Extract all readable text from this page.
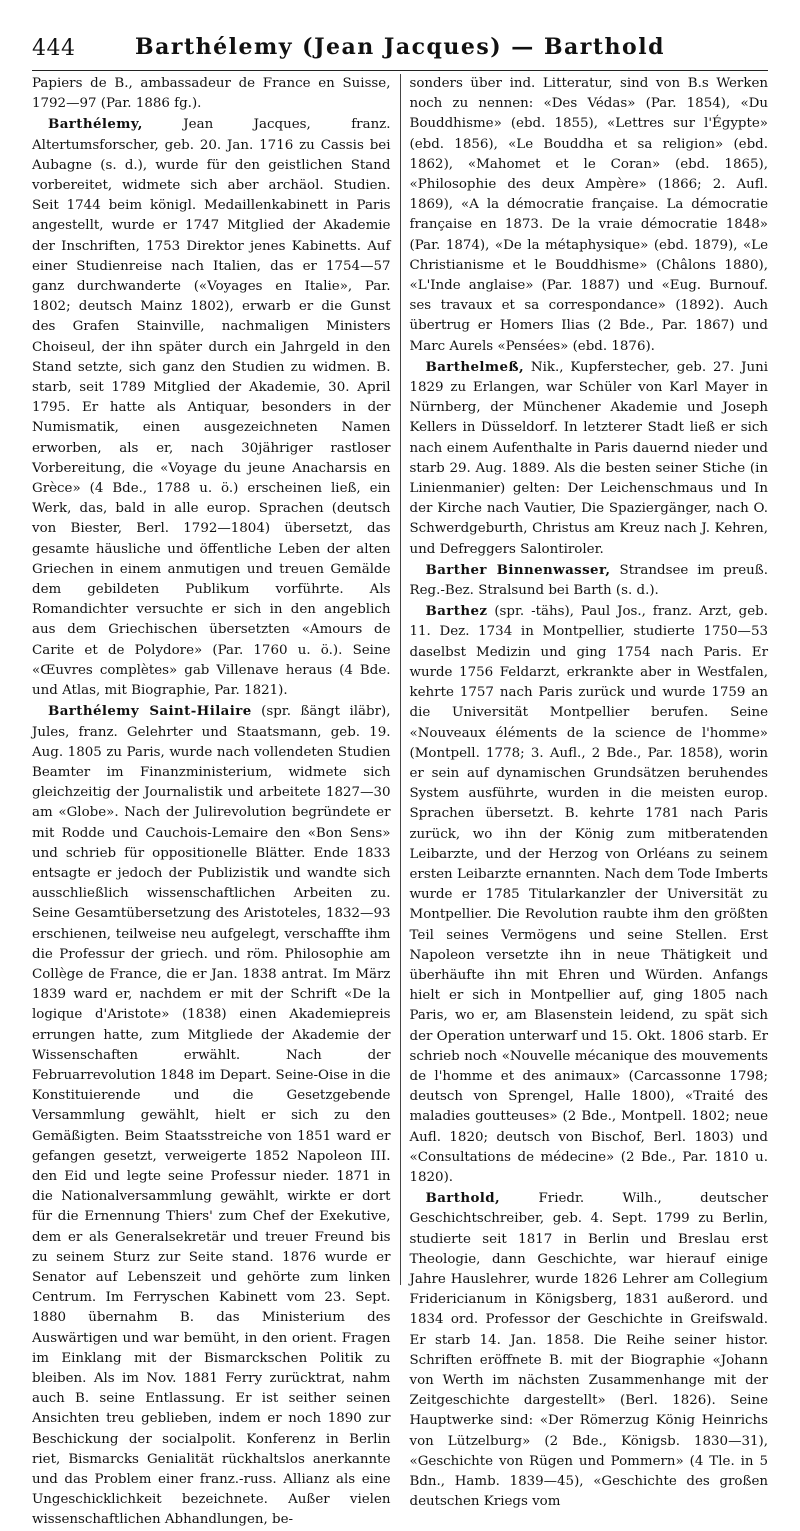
444	Barthélemy (Jean Jacques) — Barthold

Papiers de B., ambassadeur de France en Suisse, 1792—97 (Par. 1886 fg.).

Barthélemy, Jean Jacques, franz. Altertumsforscher, geb. 20. Jan. 1716 zu Cassis bei Aubagne (s. d.), wurde für den geistlichen Stand vorbereitet, widmete sich aber archäol. Studien. Seit 1744 beim königl. Medaillenkabinett in Paris angestellt, wurde er 1747 Mitglied der Akademie der Inschriften, 1753 Direktor jenes Kabinetts. Auf einer Studienreise nach Italien, das er 1754—57 ganz durchwanderte («Voyages en Italie», Par. 1802; deutsch Mainz 1802), erwarb er die Gunst des Grafen Stainville, nachmaligen Ministers Choiseul, der ihn später durch ein Jahrgeld in den Stand setzte, sich ganz den Studien zu widmen. B. starb, seit 1789 Mitglied der Akademie, 30. April 1795. Er hatte als Antiquar, besonders in der Numismatik, einen ausgezeichneten Namen erworben, als er, nach 30jähriger rastloser Vorbereitung, die «Voyage du jeune Anacharsis en Grèce» (4 Bde., 1788 u. ö.) erscheinen ließ, ein Werk, das, bald in alle europ. Sprachen (deutsch von Biester, Berl. 1792—1804) übersetzt, das gesamte häusliche und öffentliche Leben der alten Griechen in einem anmutigen und treuen Gemälde dem gebildeten Publikum vorführte. Als Romandichter versuchte er sich in den angeblich aus dem Griechischen übersetzten «Amours de Carite et de Polydore» (Par. 1760 u. ö.). Seine «Œuvres complètes» gab Villenave heraus (4 Bde. und Atlas, mit Biographie, Par. 1821).

Barthélemy Saint-Hilaire (spr. ßängt iläbr), Jules, franz. Gelehrter und Staatsmann, geb. 19. Aug. 1805 zu Paris, wurde nach vollendeten Studien Beamter im Finanzministerium, widmete sich gleichzeitig der Journalistik und arbeitete 1827—30 am «Globe». Nach der Julirevolution begründete er mit Rodde und Cauchois-Lemaire den «Bon Sens» und schrieb für oppositionelle Blätter. Ende 1833 entsagte er jedoch der Publizistik und wandte sich ausschließlich wissenschaftlichen Arbeiten zu. Seine Gesamtübersetzung des Aristoteles, 1832—93 erschienen, teilweise neu aufgelegt, verschaffte ihm die Professur der griech. und röm. Philosophie am Collège de France, die er Jan. 1838 antrat. Im März 1839 ward er, nachdem er mit der Schrift «De la logique d'Aristote» (1838) einen Akademiepreis errungen hatte, zum Mitgliede der Akademie der Wissenschaften erwählt. Nach der Februarrevolution 1848 im Depart. Seine-Oise in die Konstituierende und die Gesetzgebende Versammlung gewählt, hielt er sich zu den Gemäßigten. Beim Staatsstreiche von 1851 ward er gefangen gesetzt, verweigerte 1852 Napoleon III. den Eid und legte seine Professur nieder. 1871 in die Nationalversammlung gewählt, wirkte er dort für die Ernennung Thiers' zum Chef der Exekutive, dem er als Generalsekretär und treuer Freund bis zu seinem Sturz zur Seite stand. 1876 wurde er Senator auf Lebenszeit und gehörte zum linken Centrum. Im Ferryschen Kabinett vom 23. Sept. 1880 übernahm B. das Ministerium des Auswärtigen und war bemüht, in den orient. Fragen im Einklang mit der Bismarckschen Politik zu bleiben. Als im Nov. 1881 Ferry zurücktrat, nahm auch B. seine Entlassung. Er ist seither seinen Ansichten treu geblieben, indem er noch 1890 zur Beschickung der socialpolit. Konferenz in Berlin riet, Bismarcks Genialität rückhaltslos anerkannte und das Problem einer franz.-russ. Allianz als eine Ungeschicklichkeit bezeichnete. Außer vielen wissenschaftlichen Abhandlungen, be-

sonders über ind. Litteratur, sind von B.s Werken noch zu nennen: «Des Védas» (Par. 1854), «Du Bouddhisme» (ebd. 1855), «Lettres sur l'Égypte» (ebd. 1856), «Le Bouddha et sa religion» (ebd. 1862), «Mahomet et le Coran» (ebd. 1865), «Philosophie des deux Ampère» (1866; 2. Aufl. 1869), «A la démocratie française. La démocratie française en 1873. De la vraie démocratie 1848» (Par. 1874), «De la métaphysique» (ebd. 1879), «Le Christianisme et le Bouddhisme» (Châlons 1880), «L'Inde anglaise» (Par. 1887) und «Eug. Burnouf. ses travaux et sa correspondance» (1892). Auch übertrug er Homers Ilias (2 Bde., Par. 1867) und Marc Aurels «Pensées» (ebd. 1876).

Barthelmeß, Nik., Kupferstecher, geb. 27. Juni 1829 zu Erlangen, war Schüler von Karl Mayer in Nürnberg, der Münchener Akademie und Joseph Kellers in Düsseldorf. In letzterer Stadt ließ er sich nach einem Aufenthalte in Paris dauernd nieder und starb 29. Aug. 1889. Als die besten seiner Stiche (in Linienmanier) gelten: Der Leichenschmaus und In der Kirche nach Vautier, Die Spaziergänger, nach O. Schwerdgeburth, Christus am Kreuz nach J. Kehren, und Defreggers Salontiroler.

Barther Binnenwasser, Strandsee im preuß. Reg.-Bez. Stralsund bei Barth (s. d.).

Barthez (spr. -tähs), Paul Jos., franz. Arzt, geb. 11. Dez. 1734 in Montpellier, studierte 1750—53 daselbst Medizin und ging 1754 nach Paris. Er wurde 1756 Feldarzt, erkrankte aber in Westfalen, kehrte 1757 nach Paris zurück und wurde 1759 an die Universität Montpellier berufen. Seine «Nouveaux éléments de la science de l'homme» (Montpell. 1778; 3. Aufl., 2 Bde., Par. 1858), worin er sein auf dynamischen Grundsätzen beruhendes System ausführte, wurden in die meisten europ. Sprachen übersetzt. B. kehrte 1781 nach Paris zurück, wo ihn der König zum mitberatenden Leibarzte, und der Herzog von Orléans zu seinem ersten Leibarzte ernannten. Nach dem Tode Imberts wurde er 1785 Titularkanzler der Universität zu Montpellier. Die Revolution raubte ihm den größten Teil seines Vermögens und seine Stellen. Erst Napoleon versetzte ihn in neue Thätigkeit und überhäufte ihn mit Ehren und Würden. Anfangs hielt er sich in Montpellier auf, ging 1805 nach Paris, wo er, am Blasenstein leidend, zu spät sich der Operation unterwarf und 15. Okt. 1806 starb. Er schrieb noch «Nouvelle mécanique des mouvements de l'homme et des animaux» (Carcassonne 1798; deutsch von Sprengel, Halle 1800), «Traité des maladies goutteuses» (2 Bde., Montpell. 1802; neue Aufl. 1820; deutsch von Bischof, Berl. 1803) und «Consultations de médecine» (2 Bde., Par. 1810 u. 1820).

Barthold, Friedr. Wilh., deutscher Geschichtschreiber, geb. 4. Sept. 1799 zu Berlin, studierte seit 1817 in Berlin und Breslau erst Theologie, dann Geschichte, war hierauf einige Jahre Hauslehrer, wurde 1826 Lehrer am Collegium Fridericianum in Königsberg, 1831 außerord. und 1834 ord. Professor der Geschichte in Greifswald. Er starb 14. Jan. 1858. Die Reihe seiner histor. Schriften eröffnete B. mit der Biographie «Johann von Werth im nächsten Zusammenhange mit der Zeitgeschichte dargestellt» (Berl. 1826). Seine Hauptwerke sind: «Der Römerzug König Heinrichs von Lützelburg» (2 Bde., Königsb. 1830—31), «Geschichte von Rügen und Pommern» (4 Tle. in 5 Bdn., Hamb. 1839—45), «Geschichte des großen deutschen Kriegs vom
